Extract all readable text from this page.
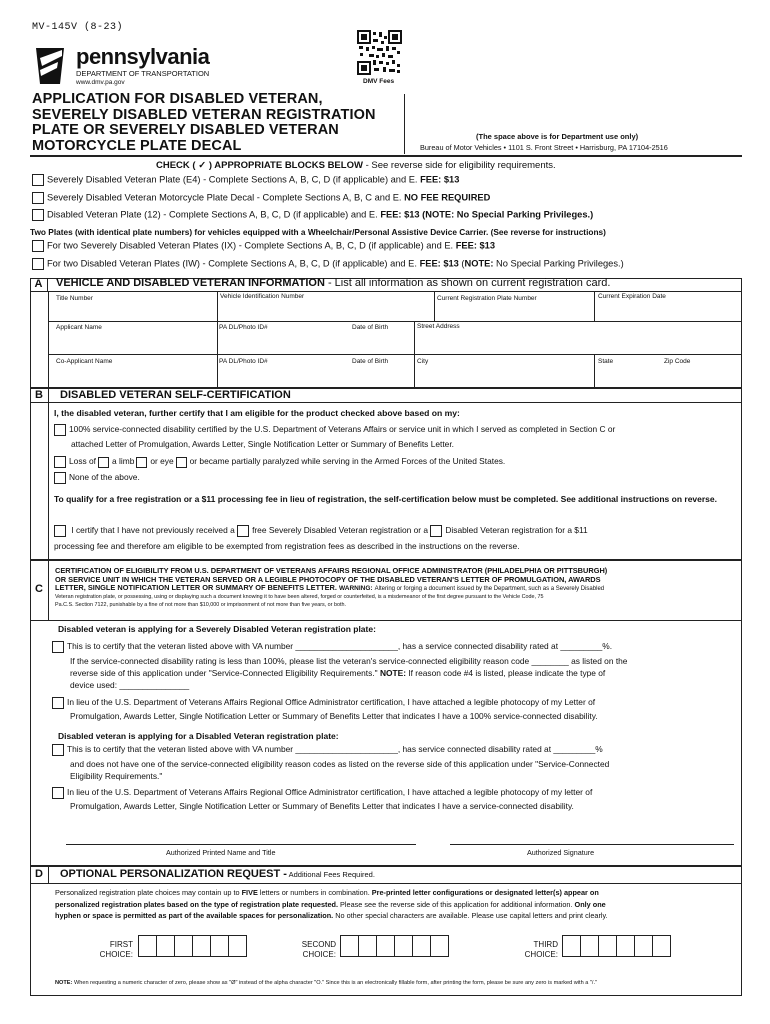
MV-145V (8-23)
pennsylvania
DEPARTMENT OF TRANSPORTATION
www.dmv.pa.gov	DMV Fees
APPLICATION FOR DISABLED VETERAN,
SEVERELY DISABLED VETERAN REGISTRATION
PLATE OR SEVERELY DISABLED VETERAN
MOTORCYCLE PLATE DECAL
(The space above is for Department use only)
Bureau of Motor Vehicles • 1101 S. Front Street • Harrisburg, PA 17104-2516
CHECK ( ✓ ) APPROPRIATE BLOCKS BELOW - See reverse side for eligibility requirements.
Severely Disabled Veteran Plate (E4) - Complete Sections A, B, C, D (if applicable) and E. FEE: $13
Severely Disabled Veteran Motorcycle Plate Decal - Complete Sections A, B, C and E. NO FEE REQUIRED
Disabled Veteran Plate (12) - Complete Sections A, B, C, D (if applicable) and E. FEE: $13 (NOTE: No Special Parking Privileges.)
Two Plates (with identical plate numbers) for vehicles equipped with a Wheelchair/Personal Assistive Device Carrier. (See reverse for instructions)
For two Severely Disabled Veteran Plates (IX) - Complete Sections A, B, C, D (if applicable) and E. FEE: $13
For two Disabled Veteran Plates (IW) - Complete Sections A, B, C, D (if applicable) and E. FEE: $13 (NOTE: No Special Parking Privileges.)
A	VEHICLE AND DISABLED VETERAN INFORMATION - List all information as shown on current registration card.
Title Number	Vehicle Identification Number	Current Registration Plate Number	Current Expiration Date
Applicant Name	PA DL/Photo ID#	Date of Birth	Street Address
Co-Applicant Name	PA DL/Photo ID#	Date of Birth	City	State	Zip Code
B	DISABLED VETERAN SELF-CERTIFICATION
I, the disabled veteran, further certify that I am eligible for the product checked above based on my:
100% service-connected disability certified by the U.S. Department of Veterans Affairs or service unit in which I served as completed in Section C or
attached Letter of Promulgation, Awards Letter, Single Notification Letter or Summary of Benefits Letter.
Loss of a limb or eye or became partially paralyzed while serving in the Armed Forces of the United States.
None of the above.
To qualify for a free registration or a $11 processing fee in lieu of registration, the self-certification below must be completed. See additional instructions on reverse.
I certify that I have not previously received a free Severely Disabled Veteran registration or a Disabled Veteran registration for a $11
processing fee and therefore am eligible to be exempted from registration fees as described in the instructions on the reverse.
C
CERTIFICATION OF ELIGIBILITY FROM U.S. DEPARTMENT OF VETERANS AFFAIRS REGIONAL OFFICE ADMINISTRATOR (PHILADELPHIA OR PITTSBURGH)
OR SERVICE UNIT IN WHICH THE VETERAN SERVED OR A LEGIBLE PHOTOCOPY OF THE DISABLED VETERAN'S LETTER OF PROMULGATION, AWARDS
LETTER, SINGLE NOTIFICATION LETTER OR SUMMARY OF BENEFITS LETTER. WARNING: Altering or forging a document issued by the Department, such as a Severely Disabled
Veteran registration plate, or possessing, using or displaying such a document knowing it to have been altered, forged or counterfeited, is a misdemeanor of the first degree pursuant to the Vehicle Code, 75
Pa.C.S. Section 7122, punishable by a fine of not more than $10,000 or imprisonment of not more than five years, or both.
Disabled veteran is applying for a Severely Disabled Veteran registration plate:
This is to certify that the veteran listed above with VA number ______________________, has a service connected disability rated at _________%.
If the service-connected disability rating is less than 100%, please list the veteran's service-connected eligibility reason code ________ as listed on the
reverse side of this application under "Service-Connected Eligibility Requirements." NOTE: If reason code #4 is listed, please indicate the type of
device used: _______________
In lieu of the U.S. Department of Veterans Affairs Regional Office Administrator certification, I have attached a legible photocopy of my Letter of
Promulgation, Awards Letter, Single Notification Letter or Summary of Benefits Letter that indicates I have a 100% service-connected disability.
Disabled veteran is applying for a Disabled Veteran registration plate:
This is to certify that the veteran listed above with VA number ______________________, has service connected disability rated at _________%
and does not have one of the service-connected eligibility reason codes as listed on the reverse side of this application under "Service-Connected
Eligibility Requirements."
In lieu of the U.S. Department of Veterans Affairs Regional Office Administrator certification, I have attached a legible photocopy of my letter of
Promulgation, Awards Letter, Single Notification Letter or Summary of Benefits Letter that indicates I have a service-connected disability.
Authorized Printed Name and Title	Authorized Signature
D	OPTIONAL PERSONALIZATION REQUEST - Additional Fees Required.
Personalized registration plate choices may contain up to FIVE letters or numbers in combination. Pre-printed letter configurations or designated letter(s) appear on
personalized registration plates based on the type of registration plate requested. Please see the reverse side of this application for additional information. Only one
hyphen or space is permitted as part of the available spaces for personalization. No other special characters are available. Please use capital letters and print clearly.
FIRST
CHOICE:
SECOND
CHOICE:
THIRD
CHOICE:
NOTE: When requesting a numeric character of zero, please show as "Ø" instead of the alpha character "O." Since this is an electronically fillable form, after printing the form, please be sure any zero is marked with a "/."
